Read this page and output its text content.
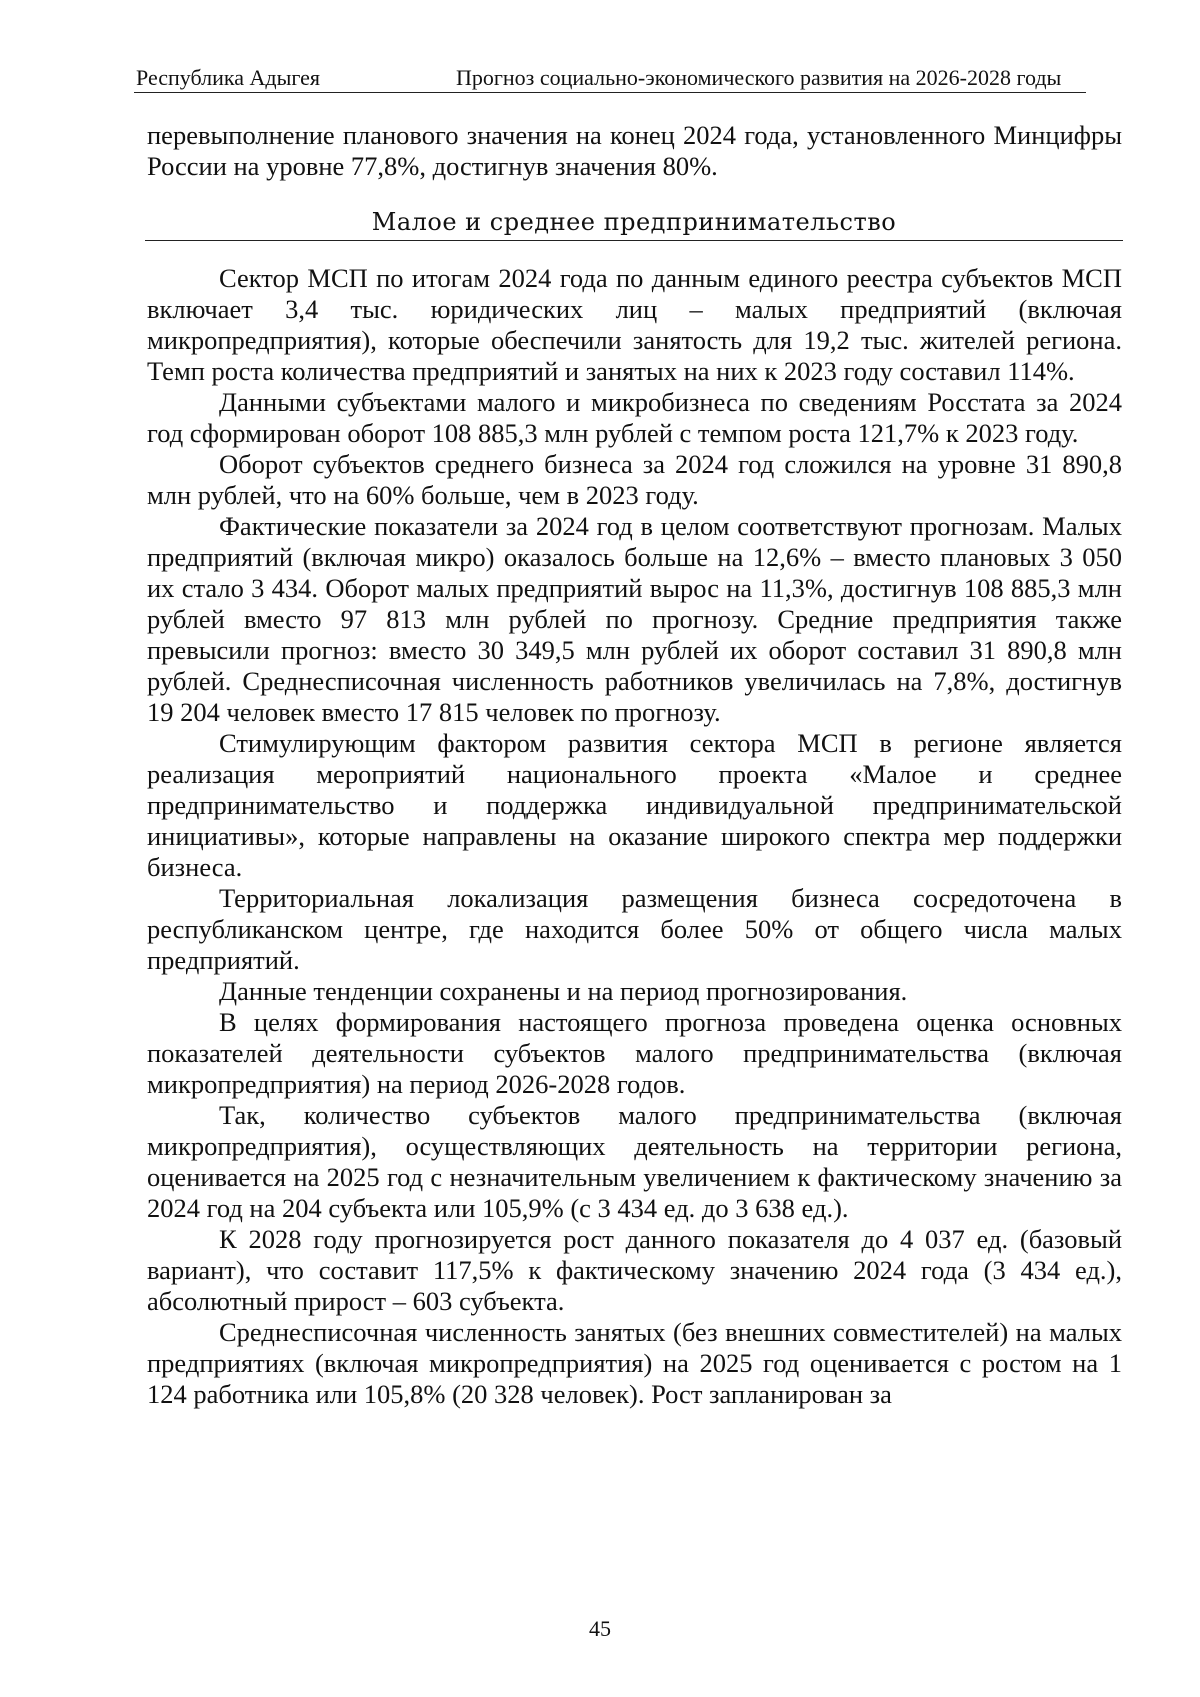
Республика Адыгея	Прогноз социально-экономического развития на 2026-2028 годы

перевыполнение планового значения на конец 2024 года, установленного Минцифры России на уровне 77,8%, достигнув значения 80%.

Малое и среднее предпринимательство

Сектор МСП по итогам 2024 года по данным единого реестра субъектов МСП включает 3,4 тыс. юридических лиц – малых предприятий (включая микропредприятия), которые обеспечили занятость для 19,2 тыс. жителей региона. Темп роста количества предприятий и занятых на них к 2023 году составил 114%.

Данными субъектами малого и микробизнеса по сведениям Росстата за 2024 год сформирован оборот 108 885,3 млн рублей с темпом роста 121,7% к 2023 году.

Оборот субъектов среднего бизнеса за 2024 год сложился на уровне 31 890,8 млн рублей, что на 60% больше, чем в 2023 году.

Фактические показатели за 2024 год в целом соответствуют прогнозам. Малых предприятий (включая микро) оказалось больше на 12,6% – вместо плановых 3 050 их стало 3 434. Оборот малых предприятий вырос на 11,3%, достигнув 108 885,3 млн рублей вместо 97 813 млн рублей по прогнозу. Средние предприятия также превысили прогноз: вместо 30 349,5 млн рублей их оборот составил 31 890,8 млн рублей. Среднесписочная численность работников увеличилась на 7,8%, достигнув 19 204 человек вместо 17 815 человек по прогнозу.

Стимулирующим фактором развития сектора МСП в регионе является реализация мероприятий национального проекта «Малое и среднее предпринимательство и поддержка индивидуальной предпринимательской инициативы», которые направлены на оказание широкого спектра мер поддержки бизнеса.

Территориальная локализация размещения бизнеса сосредоточена в республиканском центре, где находится более 50% от общего числа малых предприятий.

Данные тенденции сохранены и на период прогнозирования.

В целях формирования настоящего прогноза проведена оценка основных показателей деятельности субъектов малого предпринимательства (включая микропредприятия) на период 2026-2028 годов.

Так, количество субъектов малого предпринимательства (включая микропредприятия), осуществляющих деятельность на территории региона, оценивается на 2025 год с незначительным увеличением к фактическому значению за 2024 год на 204 субъекта или 105,9% (с 3 434 ед. до 3 638 ед.).

К 2028 году прогнозируется рост данного показателя до 4 037 ед. (базовый вариант), что составит 117,5% к фактическому значению 2024 года (3 434 ед.), абсолютный прирост – 603 субъекта.

Среднесписочная численность занятых (без внешних совместителей) на малых предприятиях (включая микропредприятия) на 2025 год оценивается с ростом на 1 124 работника или 105,8% (20 328 человек). Рост запланирован за

45
